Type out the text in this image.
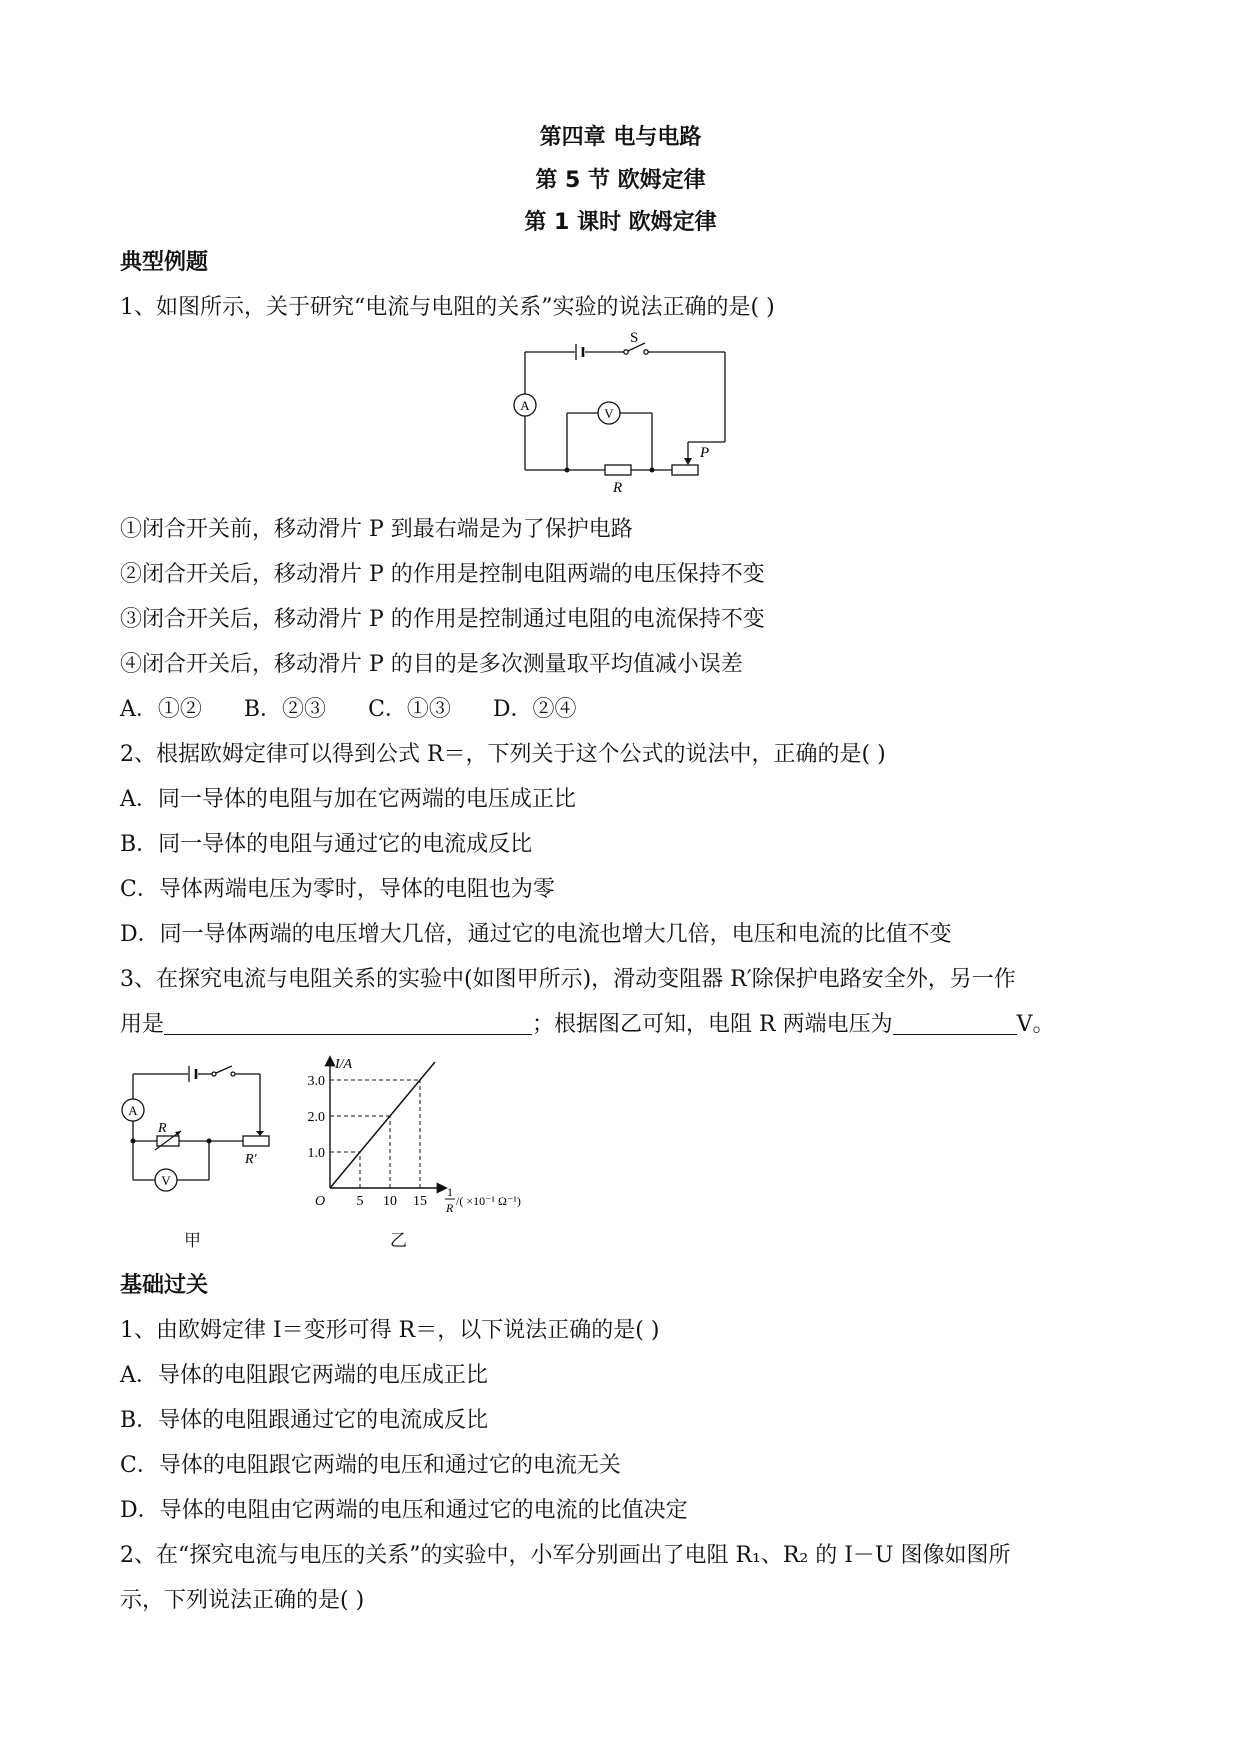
第四章 电与电路
第 5 节 欧姆定律
第 1 课时 欧姆定律
典型例题
1、如图所示，关于研究“电流与电阻的关系”实验的说法正确的是( )
S
A
V
R
P
①闭合开关前，移动滑片 P 到最右端是为了保护电路
②闭合开关后，移动滑片 P 的作用是控制电阻两端的电压保持不变
③闭合开关后，移动滑片 P 的作用是控制通过电阻的电流保持不变
④闭合开关后，移动滑片 P 的目的是多次测量取平均值减小误差
A．①② B．②③ C．①③ D．②④
2、根据欧姆定律可以得到公式 R＝，下列关于这个公式的说法中，正确的是( )
A．同一导体的电阻与加在它两端的电压成正比
B．同一导体的电阻与通过它的电流成反比
C．导体两端电压为零时，导体的电阻也为零
D．同一导体两端的电压增大几倍，通过它的电流也增大几倍，电压和电流的比值不变
3、在探究电流与电阻关系的实验中(如图甲所示)，滑动变阻器 R′除保护电路安全外，另一作
用是	；根据图乙可知，电阻 R 两端电压为	V。
A
R
V
R′
甲
I/A
O
1
R /( ×10⁻¹ Ω⁻¹)
5
1.0
10
2.0
15
3.0
乙
基础过关
1、由欧姆定律 I＝变形可得 R＝，以下说法正确的是( )
A．导体的电阻跟它两端的电压成正比
B．导体的电阻跟通过它的电流成反比
C．导体的电阻跟它两端的电压和通过它的电流无关
D．导体的电阻由它两端的电压和通过它的电流的比值决定
2、在“探究电流与电压的关系”的实验中，小军分别画出了电阻 R₁、R₂ 的 I－U 图像如图所
示，下列说法正确的是( )
